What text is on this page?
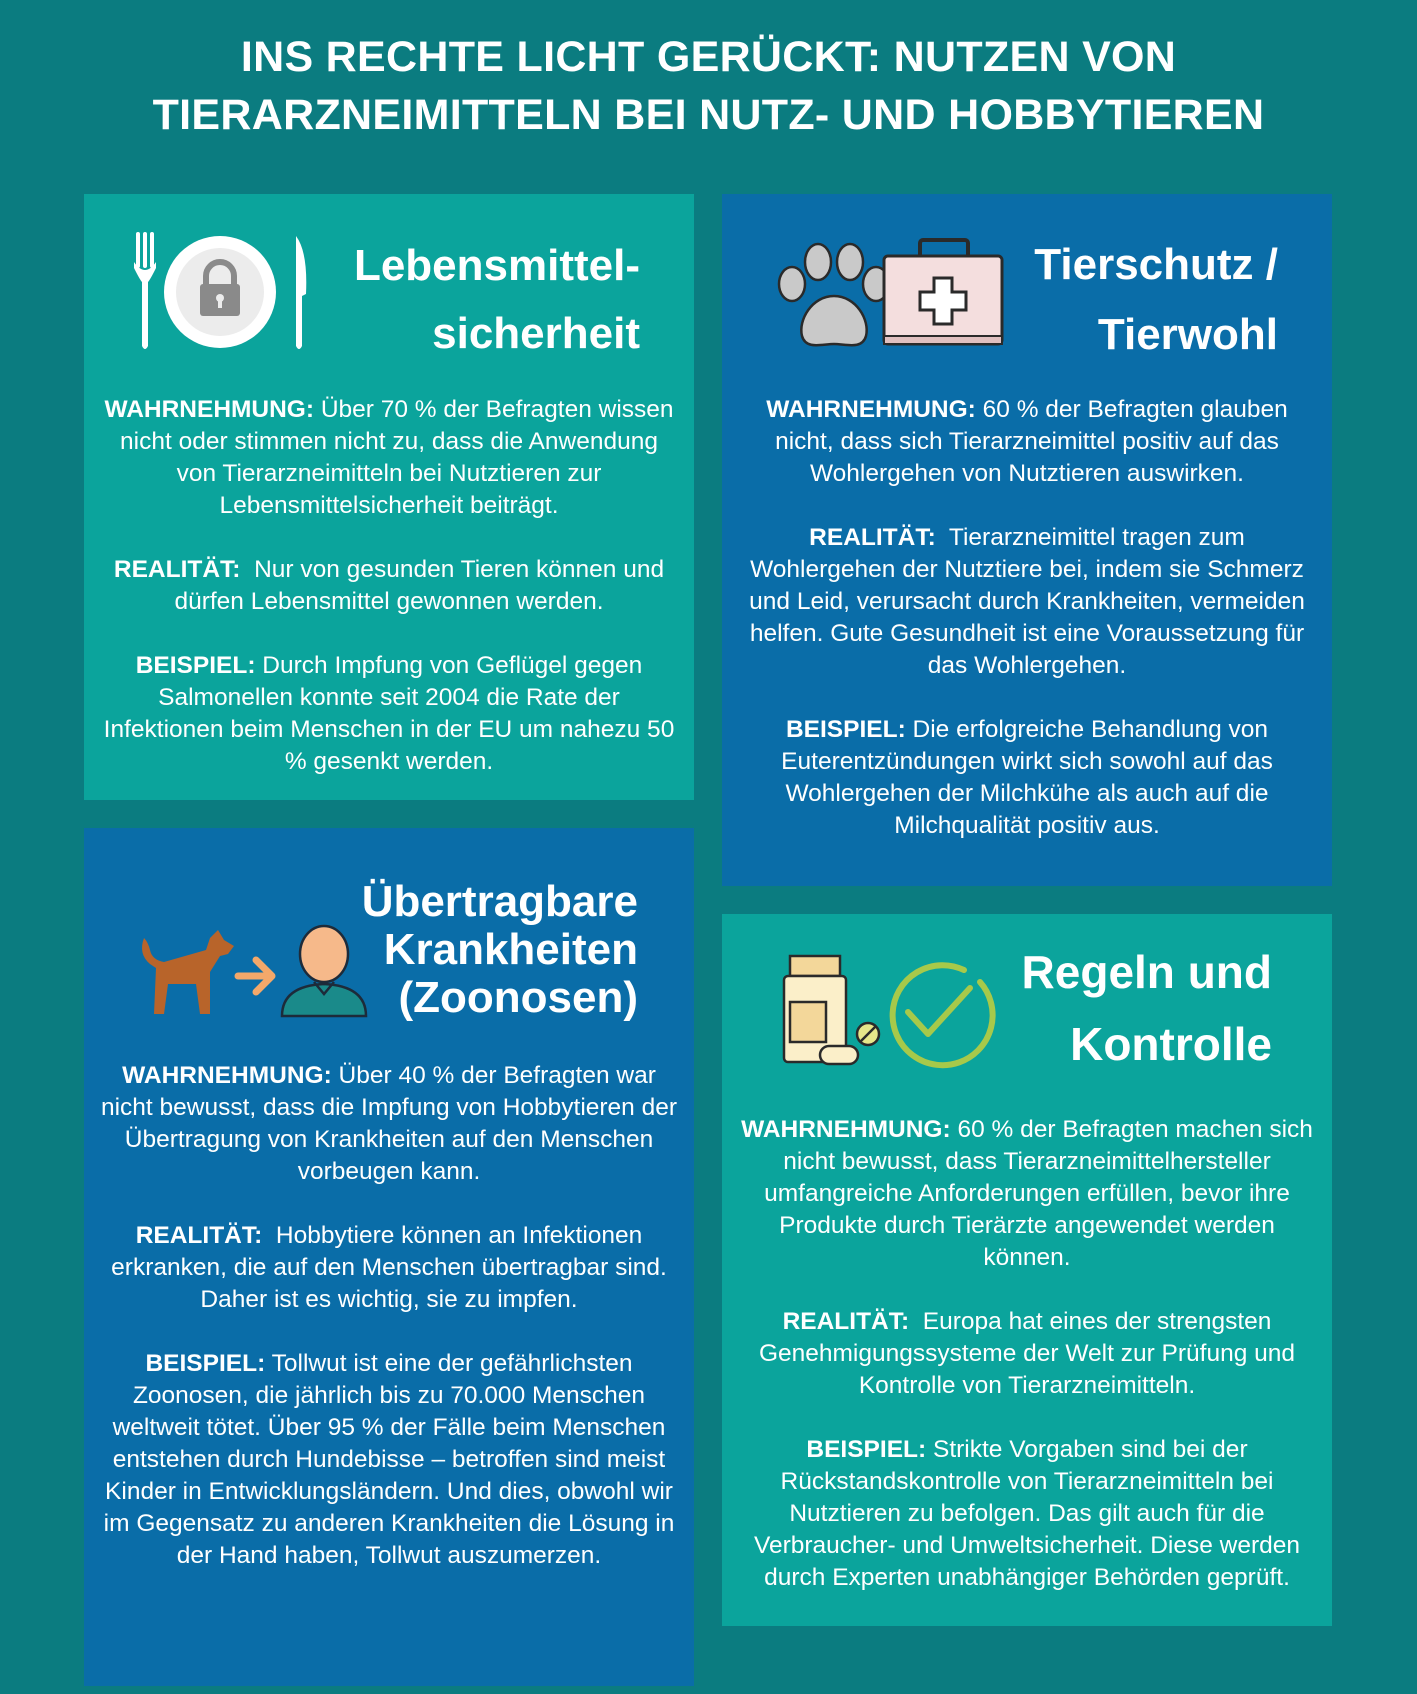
INS RECHTE LICHT GERÜCKT: NUTZEN VON
TIERARZNEIMITTELN BEI NUTZ- UND HOBBYTIEREN
Lebensmittel-
sicherheit

WAHRNEHMUNG: Über 70 % der Befragten wissen nicht oder stimmen nicht zu, dass die Anwendung von Tierarzneimitteln bei Nutztieren zur Lebensmittelsicherheit beiträgt.

REALITÄT: Nur von gesunden Tieren können und dürfen Lebensmittel gewonnen werden.

BEISPIEL: Durch Impfung von Geflügel gegen Salmonellen konnte seit 2004 die Rate der Infektionen beim Menschen in der EU um nahezu 50 % gesenkt werden.

Tierschutz /
Tierwohl

WAHRNEHMUNG: 60 % der Befragten glauben nicht, dass sich Tierarzneimittel positiv auf das Wohlergehen von Nutztieren auswirken.

REALITÄT: Tierarzneimittel tragen zum Wohlergehen der Nutztiere bei, indem sie Schmerz und Leid, verursacht durch Krankheiten, vermeiden helfen. Gute Gesundheit ist eine Voraussetzung für das Wohlergehen.

BEISPIEL: Die erfolgreiche Behandlung von Euterentzündungen wirkt sich sowohl auf das Wohlergehen der Milchkühe als auch auf die Milchqualität positiv aus.

Übertragbare
Krankheiten
(Zoonosen)

WAHRNEHMUNG: Über 40 % der Befragten war nicht bewusst, dass die Impfung von Hobbytieren der Übertragung von Krankheiten auf den Menschen vorbeugen kann.

REALITÄT: Hobbytiere können an Infektionen erkranken, die auf den Menschen übertragbar sind. Daher ist es wichtig, sie zu impfen.

BEISPIEL: Tollwut ist eine der gefährlichsten Zoonosen, die jährlich bis zu 70.000 Menschen weltweit tötet. Über 95 % der Fälle beim Menschen entstehen durch Hundebisse – betroffen sind meist Kinder in Entwicklungsländern. Und dies, obwohl wir im Gegensatz zu anderen Krankheiten die Lösung in der Hand haben, Tollwut auszumerzen.

Regeln und
Kontrolle

WAHRNEHMUNG: 60 % der Befragten machen sich nicht bewusst, dass Tierarzneimittelhersteller umfangreiche Anforderungen erfüllen, bevor ihre Produkte durch Tierärzte angewendet werden können.

REALITÄT: Europa hat eines der strengsten Genehmigungssysteme der Welt zur Prüfung und Kontrolle von Tierarzneimitteln.

BEISPIEL: Strikte Vorgaben sind bei der Rückstandskontrolle von Tierarzneimitteln bei Nutztieren zu befolgen. Das gilt auch für die Verbraucher- und Umweltsicherheit. Diese werden durch Experten unabhängiger Behörden geprüft.
